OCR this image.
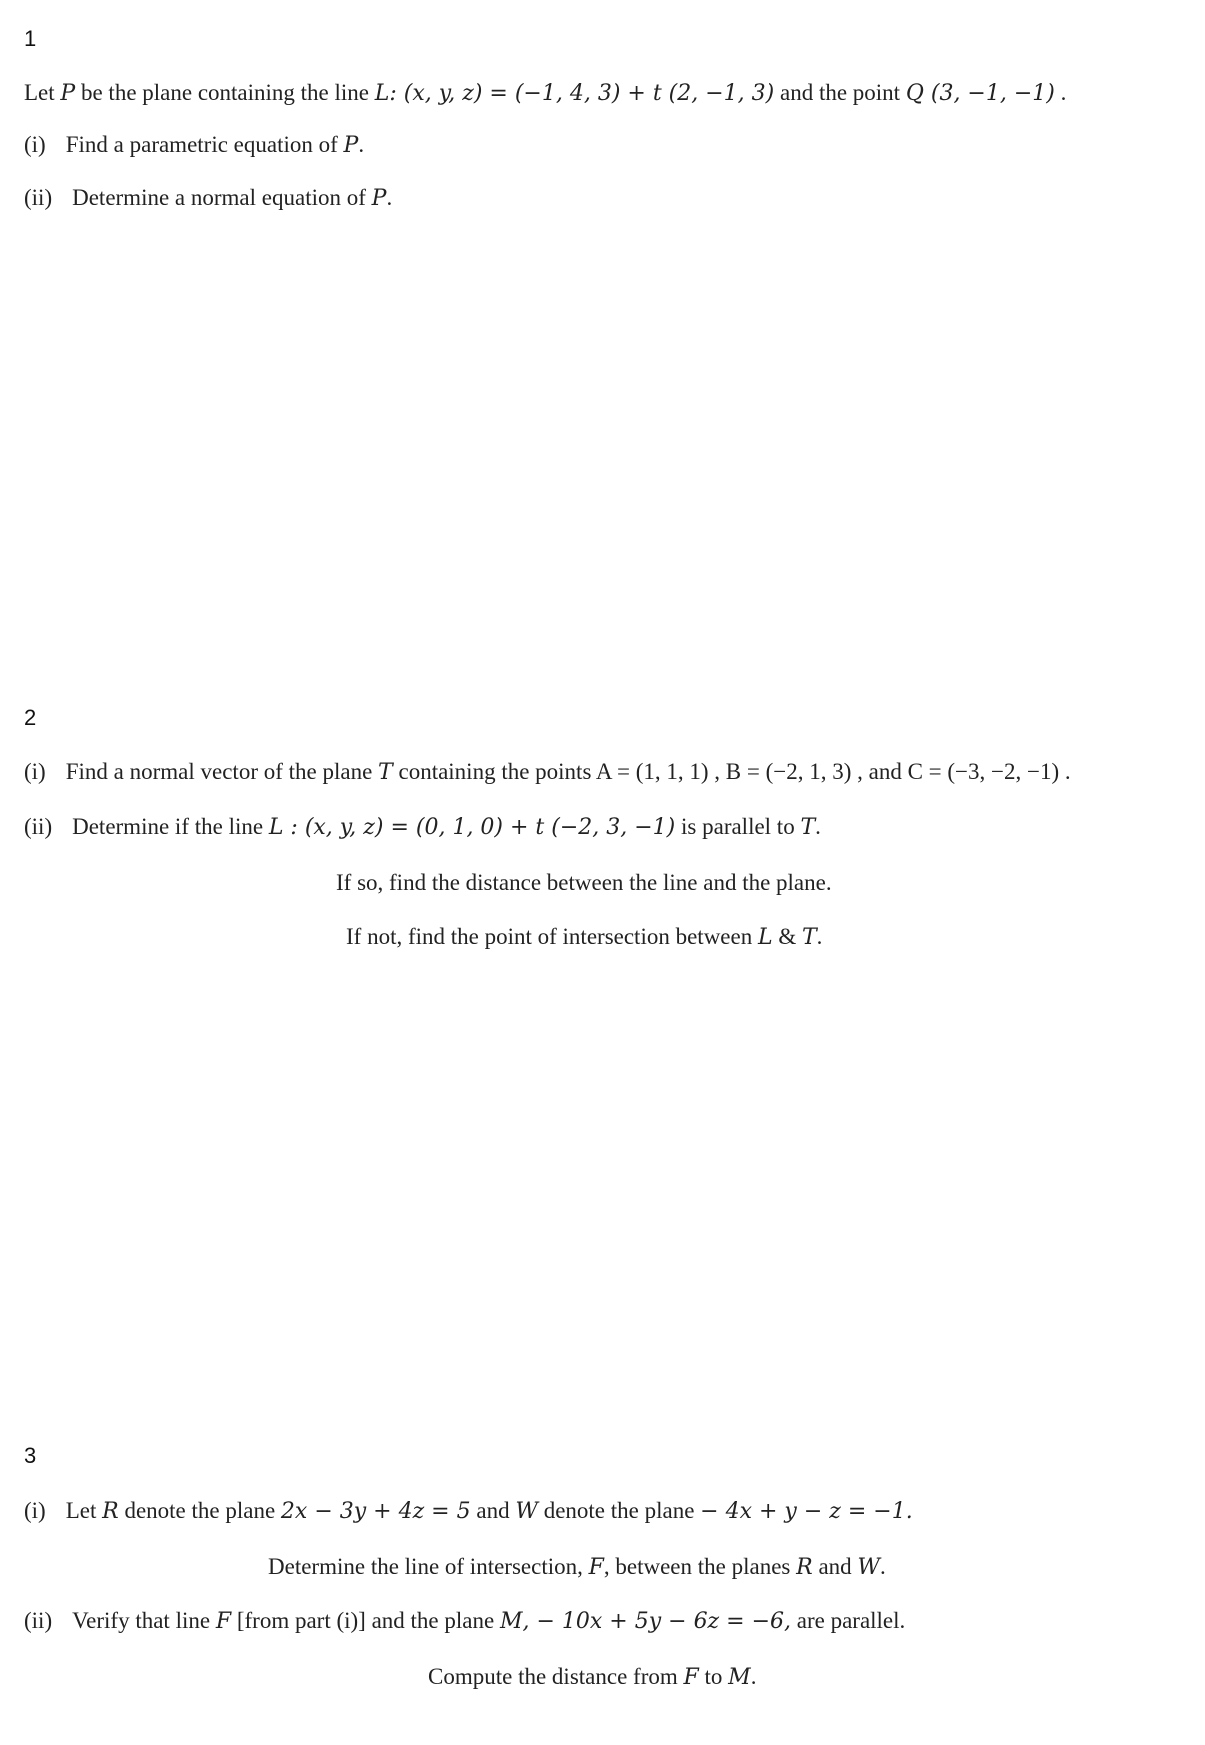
1
Let P be the plane containing the line L: (x, y, z) = (−1, 4, 3) + t (2, −1, 3) and the point Q (3, −1, −1) .
(i) Find a parametric equation of P.
(ii) Determine a normal equation of P.
2
(i) Find a normal vector of the plane T containing the points A = (1, 1, 1) , B = (−2, 1, 3) , and C = (−3, −2, −1) .
(ii) Determine if the line L : (x, y, z) = (0, 1, 0) + t (−2, 3, −1) is parallel to T.
If so, find the distance between the line and the plane.
If not, find the point of intersection between L & T.
3
(i) Let R denote the plane 2x − 3y + 4z = 5 and W denote the plane − 4x + y − z = −1.
Determine the line of intersection, F, between the planes R and W.
(ii) Verify that line F [from part (i)] and the plane M, − 10x + 5y − 6z = −6, are parallel.
Compute the distance from F to M.
